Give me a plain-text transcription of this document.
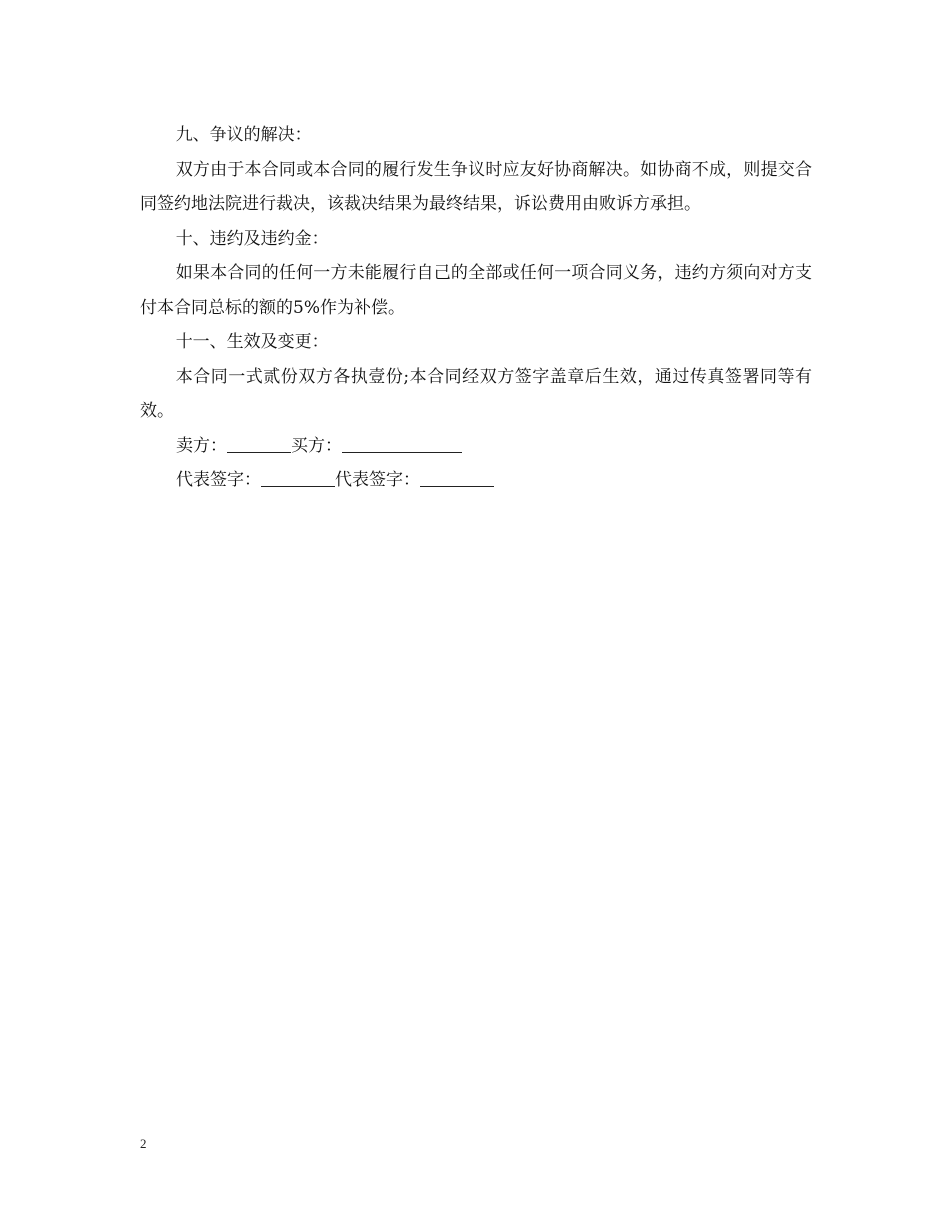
九、争议的解决：

双方由于本合同或本合同的履行发生争议时应友好协商解决。如协商不成，则提交合同签约地法院进行裁决，该裁决结果为最终结果，诉讼费用由败诉方承担。

十、违约及违约金：

如果本合同的任何一方未能履行自己的全部或任何一项合同义务，违约方须向对方支付本合同总标的额的5%作为补偿。

十一、生效及变更：

本合同一式贰份双方各执壹份;本合同经双方签字盖章后生效，通过传真签署同等有效。

卖方：	买方：
代表签字：	代表签字：
2
